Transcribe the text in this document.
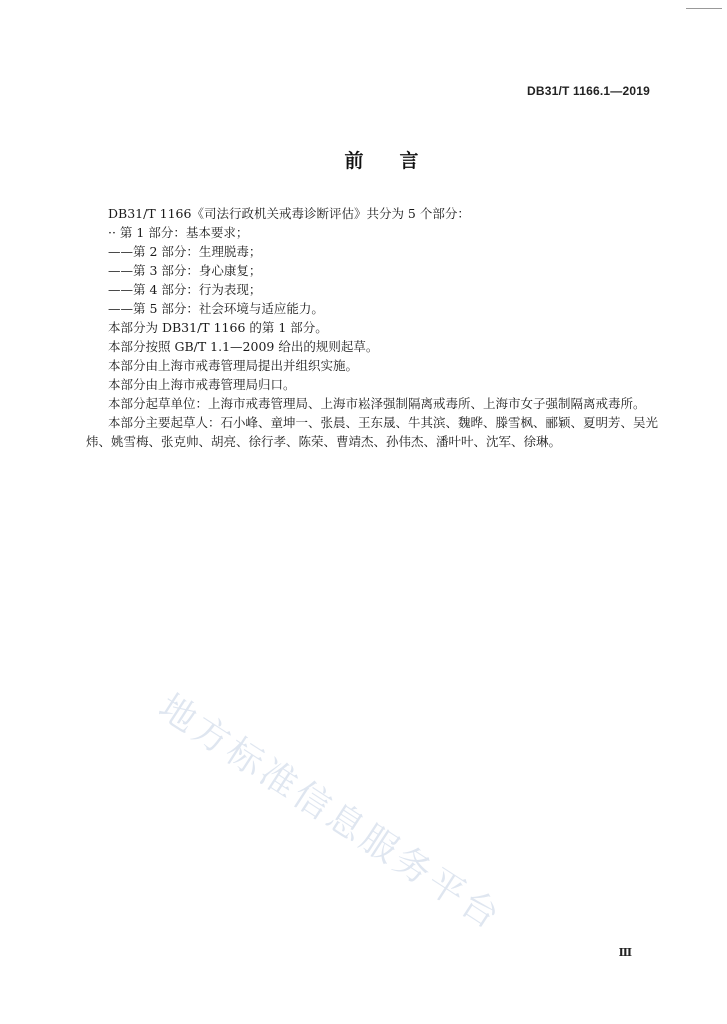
DB31/T 1166.1—2019
前言
DB31/T 1166《司法行政机关戒毒诊断评估》共分为 5 个部分：
·· 第 1 部分：基本要求；
——第 2 部分：生理脱毒；
——第 3 部分：身心康复；
——第 4 部分：行为表现；
——第 5 部分：社会环境与适应能力。
本部分为 DB31/T 1166 的第 1 部分。
本部分按照 GB/T 1.1—2009 给出的规则起草。
本部分由上海市戒毒管理局提出并组织实施。
本部分由上海市戒毒管理局归口。
本部分起草单位：上海市戒毒管理局、上海市崧泽强制隔离戒毒所、上海市女子强制隔离戒毒所。
本部分主要起草人：石小峰、童坤一、张晨、王东晟、牛其滨、魏晔、滕雪枫、郦颖、夏明芳、吴光炜、姚雪梅、张克帅、胡亮、徐行孝、陈荣、曹靖杰、孙伟杰、潘叶叶、沈军、徐琳。
地方标准信息服务平台
Ⅲ
